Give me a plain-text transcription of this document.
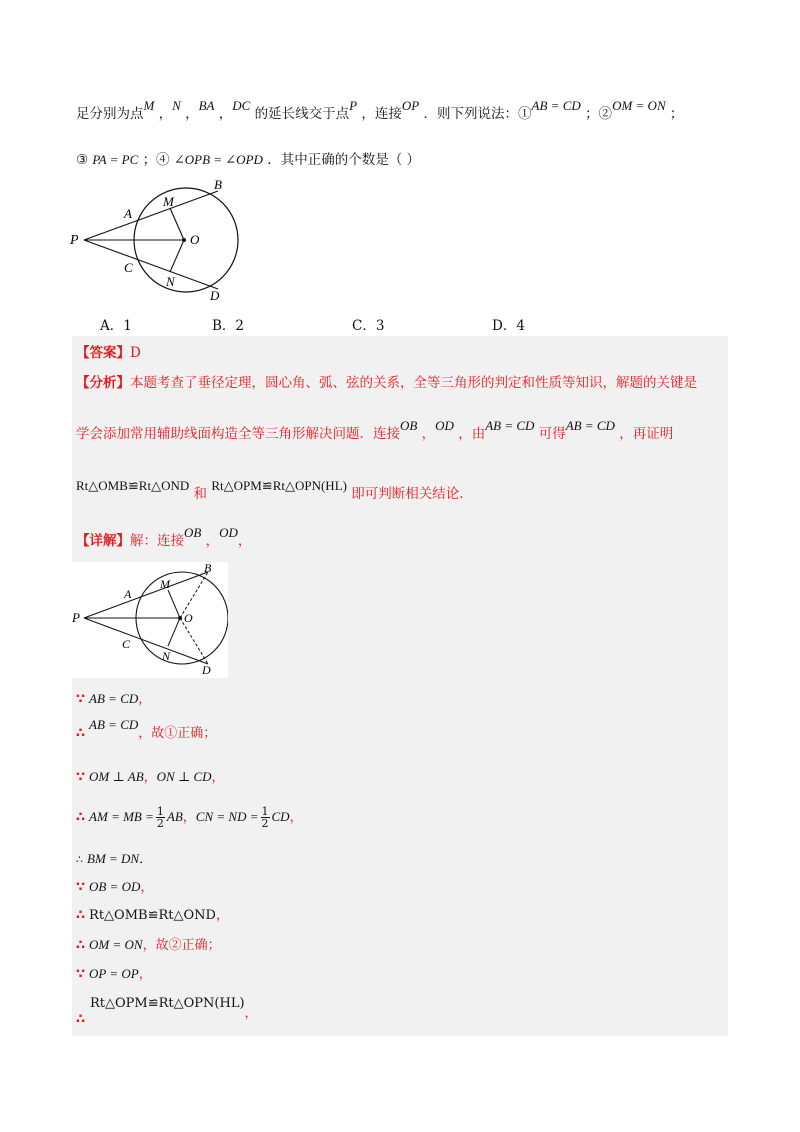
足分别为点M ，N ，BA ，DC 的延长线交于点P ，连接OP ．则下列说法：①AB = CD ；②OM = ON ；
③ PA = PC ；④ ∠OPB = ∠OPD ．其中正确的个数是（ ）
P
A
B
M
O
C
N
D
A．1	B．2	C．3	D．4
【答案】D
【分析】本题考查了垂径定理，圆心角、弧、弦的关系，全等三角形的判定和性质等知识，解题的关键是
学会添加常用辅助线面构造全等三角形解决问题．连接OB ，OD ，由AB = CD 可得AB = CD ，再证明
Rt△OMB≌Rt△OND 和 Rt△OPM≌Rt△OPN(HL) 即可判断相关结论.
【详解】解：连接OB ，OD，
P
A
B
M
O
C
N
D
∵ AB = CD，
∴AB = CD，故①正确；
∵ OM ⊥ AB，ON ⊥ CD，
∴ AM = MB = $\frac{1}{2}$ AB，CN = ND = $\frac{1}{2}$ CD，
∴ BM = DN．
∵ OB = OD，
∴ Rt△OMB≌Rt△OND，
∴ OM = ON，故②正确；
∵ OP = OP，
Rt△OPM≌Rt△OPN(HL)，
∴
